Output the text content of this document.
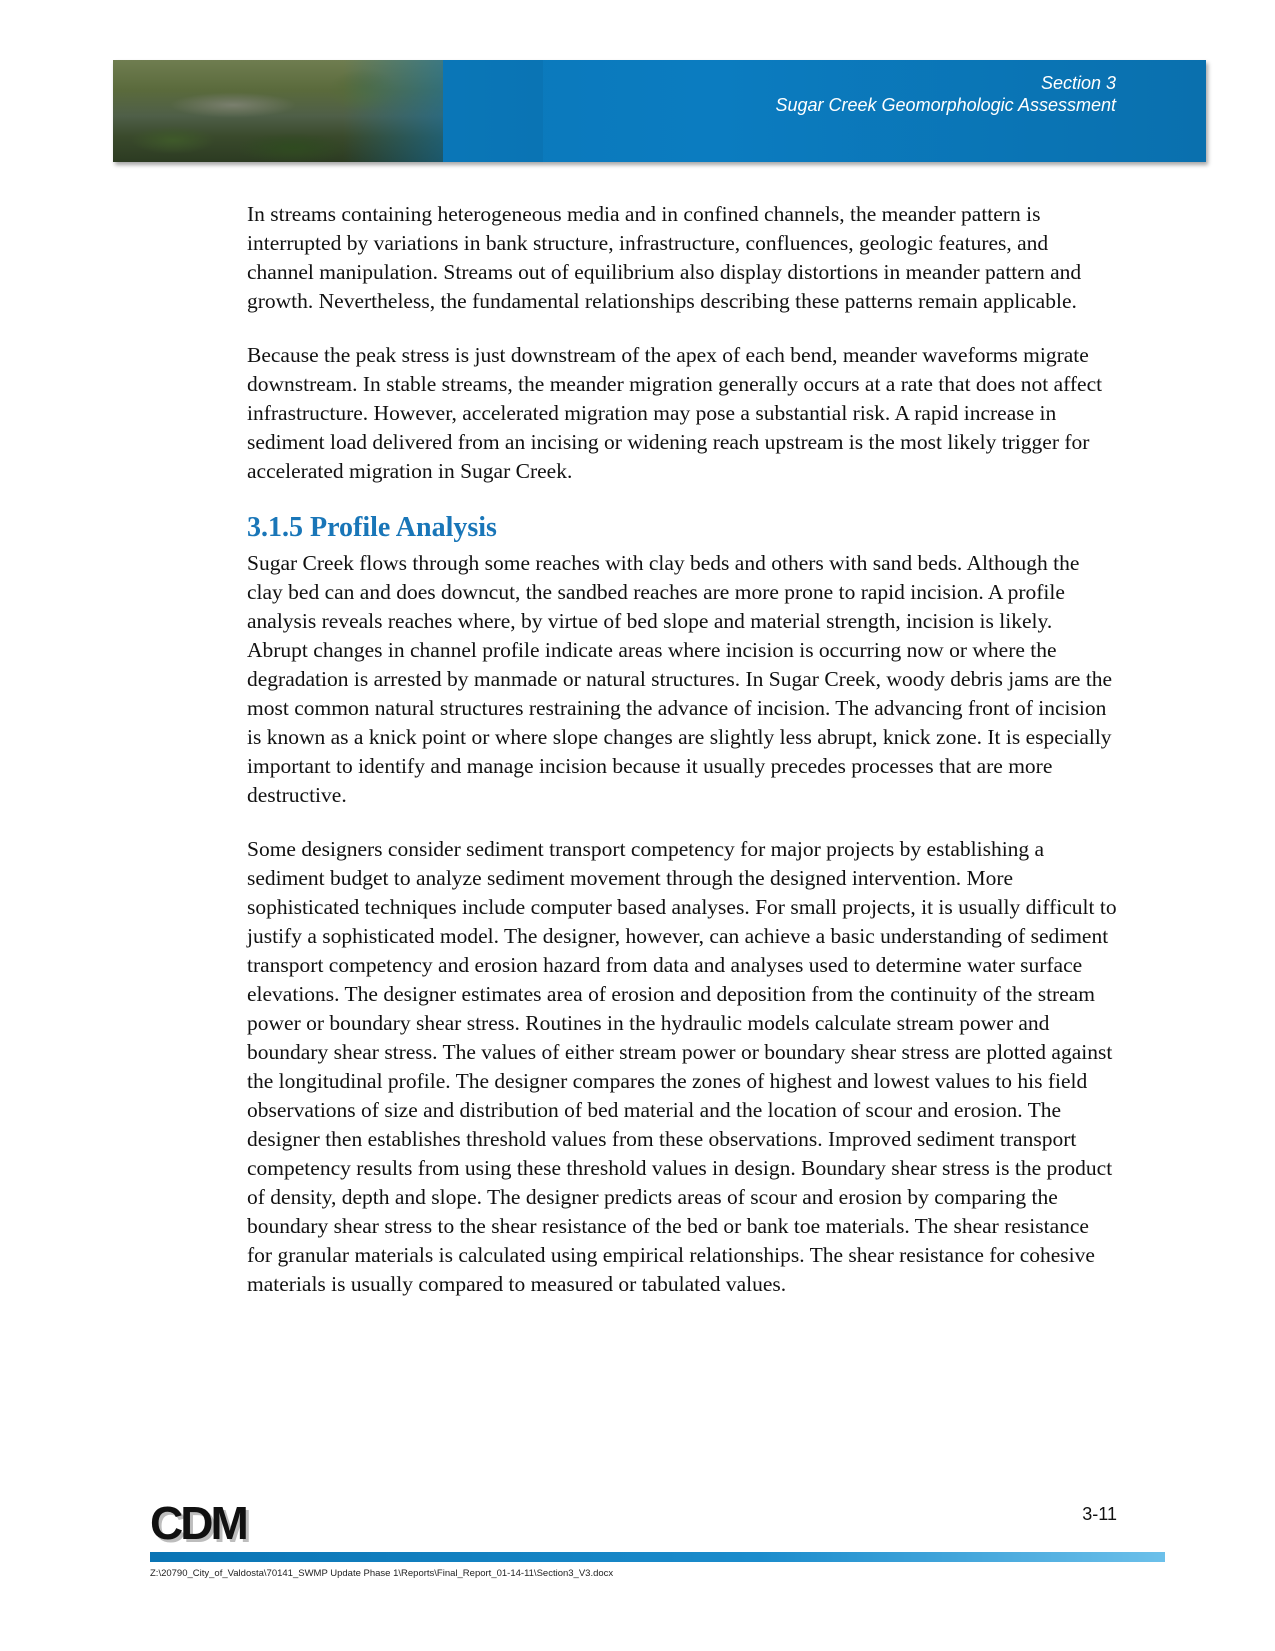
Section 3
Sugar Creek Geomorphologic Assessment

In streams containing heterogeneous media and in confined channels, the meander pattern is interrupted by variations in bank structure, infrastructure, confluences, geologic features, and channel manipulation. Streams out of equilibrium also display distortions in meander pattern and growth. Nevertheless, the fundamental relationships describing these patterns remain applicable.

Because the peak stress is just downstream of the apex of each bend, meander waveforms migrate downstream. In stable streams, the meander migration generally occurs at a rate that does not affect infrastructure. However, accelerated migration may pose a substantial risk. A rapid increase in sediment load delivered from an incising or widening reach upstream is the most likely trigger for accelerated migration in Sugar Creek.

3.1.5 Profile Analysis

Sugar Creek flows through some reaches with clay beds and others with sand beds. Although the clay bed can and does downcut, the sandbed reaches are more prone to rapid incision. A profile analysis reveals reaches where, by virtue of bed slope and material strength, incision is likely. Abrupt changes in channel profile indicate areas where incision is occurring now or where the degradation is arrested by manmade or natural structures. In Sugar Creek, woody debris jams are the most common natural structures restraining the advance of incision. The advancing front of incision is known as a knick point or where slope changes are slightly less abrupt, knick zone. It is especially important to identify and manage incision because it usually precedes processes that are more destructive.

Some designers consider sediment transport competency for major projects by establishing a sediment budget to analyze sediment movement through the designed intervention. More sophisticated techniques include computer based analyses. For small projects, it is usually difficult to justify a sophisticated model. The designer, however, can achieve a basic understanding of sediment transport competency and erosion hazard from data and analyses used to determine water surface elevations. The designer estimates area of erosion and deposition from the continuity of the stream power or boundary shear stress. Routines in the hydraulic models calculate stream power and boundary shear stress. The values of either stream power or boundary shear stress are plotted against the longitudinal profile. The designer compares the zones of highest and lowest values to his field observations of size and distribution of bed material and the location of scour and erosion. The designer then establishes threshold values from these observations. Improved sediment transport competency results from using these threshold values in design. Boundary shear stress is the product of density, depth and slope. The designer predicts areas of scour and erosion by comparing the boundary shear stress to the shear resistance of the bed or bank toe materials. The shear resistance for granular materials is calculated using empirical relationships. The shear resistance for cohesive materials is usually compared to measured or tabulated values.

CDM	3-11
Z:\20790_City_of_Valdosta\70141_SWMP Update Phase 1\Reports\Final_Report_01-14-11\Section3_V3.docx
